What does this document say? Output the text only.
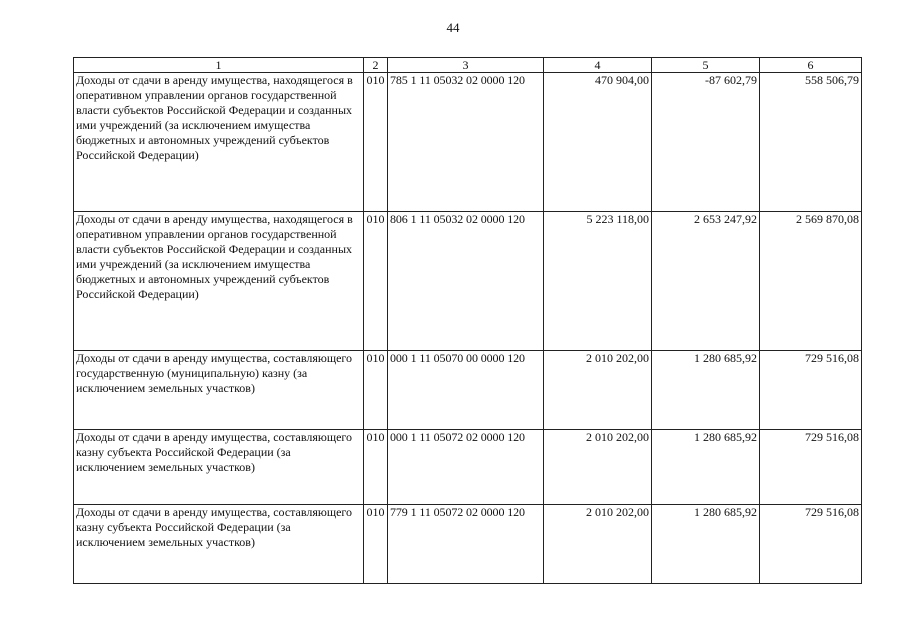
44
1	2	3	4	5	6
Доходы от сдачи в аренду имущества, находящегося в оперативном управлении органов государственной власти субъектов Российской Федерации и созданных ими учреждений (за исключением имущества бюджетных и автономных учреждений субъектов Российской Федерации)	010	785 1 11 05032 02 0000 120	470 904,00	-87 602,79	558 506,79
Доходы от сдачи в аренду имущества, находящегося в оперативном управлении органов государственной власти субъектов Российской Федерации и созданных ими учреждений (за исключением имущества бюджетных и автономных учреждений субъектов Российской Федерации)	010	806 1 11 05032 02 0000 120	5 223 118,00	2 653 247,92	2 569 870,08
Доходы от сдачи в аренду имущества, составляющего государственную (муниципальную) казну (за исключением земельных участков)	010	000 1 11 05070 00 0000 120	2 010 202,00	1 280 685,92	729 516,08
Доходы от сдачи в аренду имущества, составляющего казну субъекта Российской Федерации (за исключением земельных участков)	010	000 1 11 05072 02 0000 120	2 010 202,00	1 280 685,92	729 516,08
Доходы от сдачи в аренду имущества, составляющего казну субъекта Российской Федерации (за исключением земельных участков)	010	779 1 11 05072 02 0000 120	2 010 202,00	1 280 685,92	729 516,08
